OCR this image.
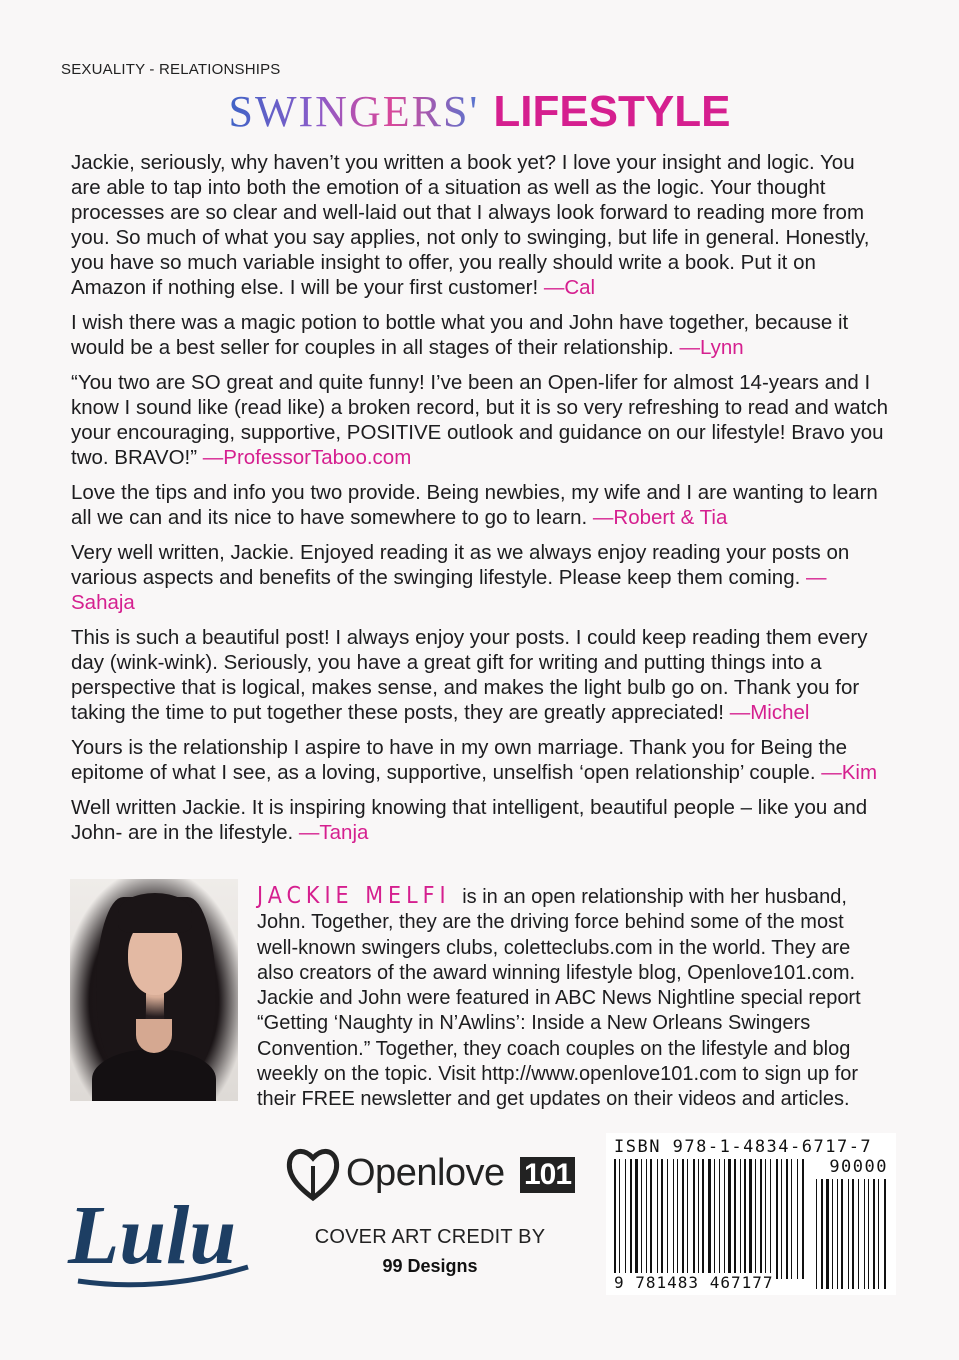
SEXUALITY - RELATIONSHIPS
SWINGERS' LIFESTYLE

Jackie, seriously, why haven’t you written a book yet? I love your insight and logic. You are able to tap into both the emotion of a situation as well as the logic. Your thought processes are so clear and well-laid out that I always look forward to reading more from you. So much of what you say applies, not only to swinging, but life in general. Honestly, you have so much variable insight to offer, you really should write a book. Put it on Amazon if nothing else. I will be your first customer! —Cal

I wish there was a magic potion to bottle what you and John have together, because it would be a best seller for couples in all stages of their relationship. —Lynn

“You two are SO great and quite funny! I’ve been an Open-lifer for almost 14-years and I know I sound like (read like) a broken record, but it is so very refreshing to read and watch your encouraging, supportive, POSITIVE outlook and guidance on our lifestyle! Bravo you two. BRAVO!” —ProfessorTaboo.com

Love the tips and info you two provide. Being newbies, my wife and I are wanting to learn all we can and its nice to have somewhere to go to learn. —Robert & Tia

Very well written, Jackie. Enjoyed reading it as we always enjoy reading your posts on various aspects and benefits of the swinging lifestyle. Please keep them coming. —Sahaja

This is such a beautiful post! I always enjoy your posts. I could keep reading them every day (wink-wink). Seriously, you have a great gift for writing and putting things into a perspective that is logical, makes sense, and makes the light bulb go on. Thank you for taking the time to put together these posts, they are greatly appreciated! —Michel

Yours is the relationship I aspire to have in my own marriage. Thank you for Being the epitome of what I see, as a loving, supportive, unselfish ‘open relationship’ couple. —Kim

Well written Jackie. It is inspiring knowing that intelligent, beautiful people – like you and John- are in the lifestyle. —Tanja

JACKIE MELFI is in an open relationship with her husband, John. Together, they are the driving force behind some of the most well-known swingers clubs, coletteclubs.com in the world. They are also creators of the award winning lifestyle blog, Openlove101.com. Jackie and John were featured in ABC News Nightline special report “Getting ‘Naughty in N’Awlins’: Inside a New Orleans Swingers Convention.” Together, they coach couples on the lifestyle and blog weekly on the topic. Visit http://www.openlove101.com to sign up for their FREE newsletter and get updates on their videos and articles.
Lulu
Openlove 101
COVER ART CREDIT BY
99 Designs
ISBN 978-1-4834-6717-7
90000
9 781483 467177
